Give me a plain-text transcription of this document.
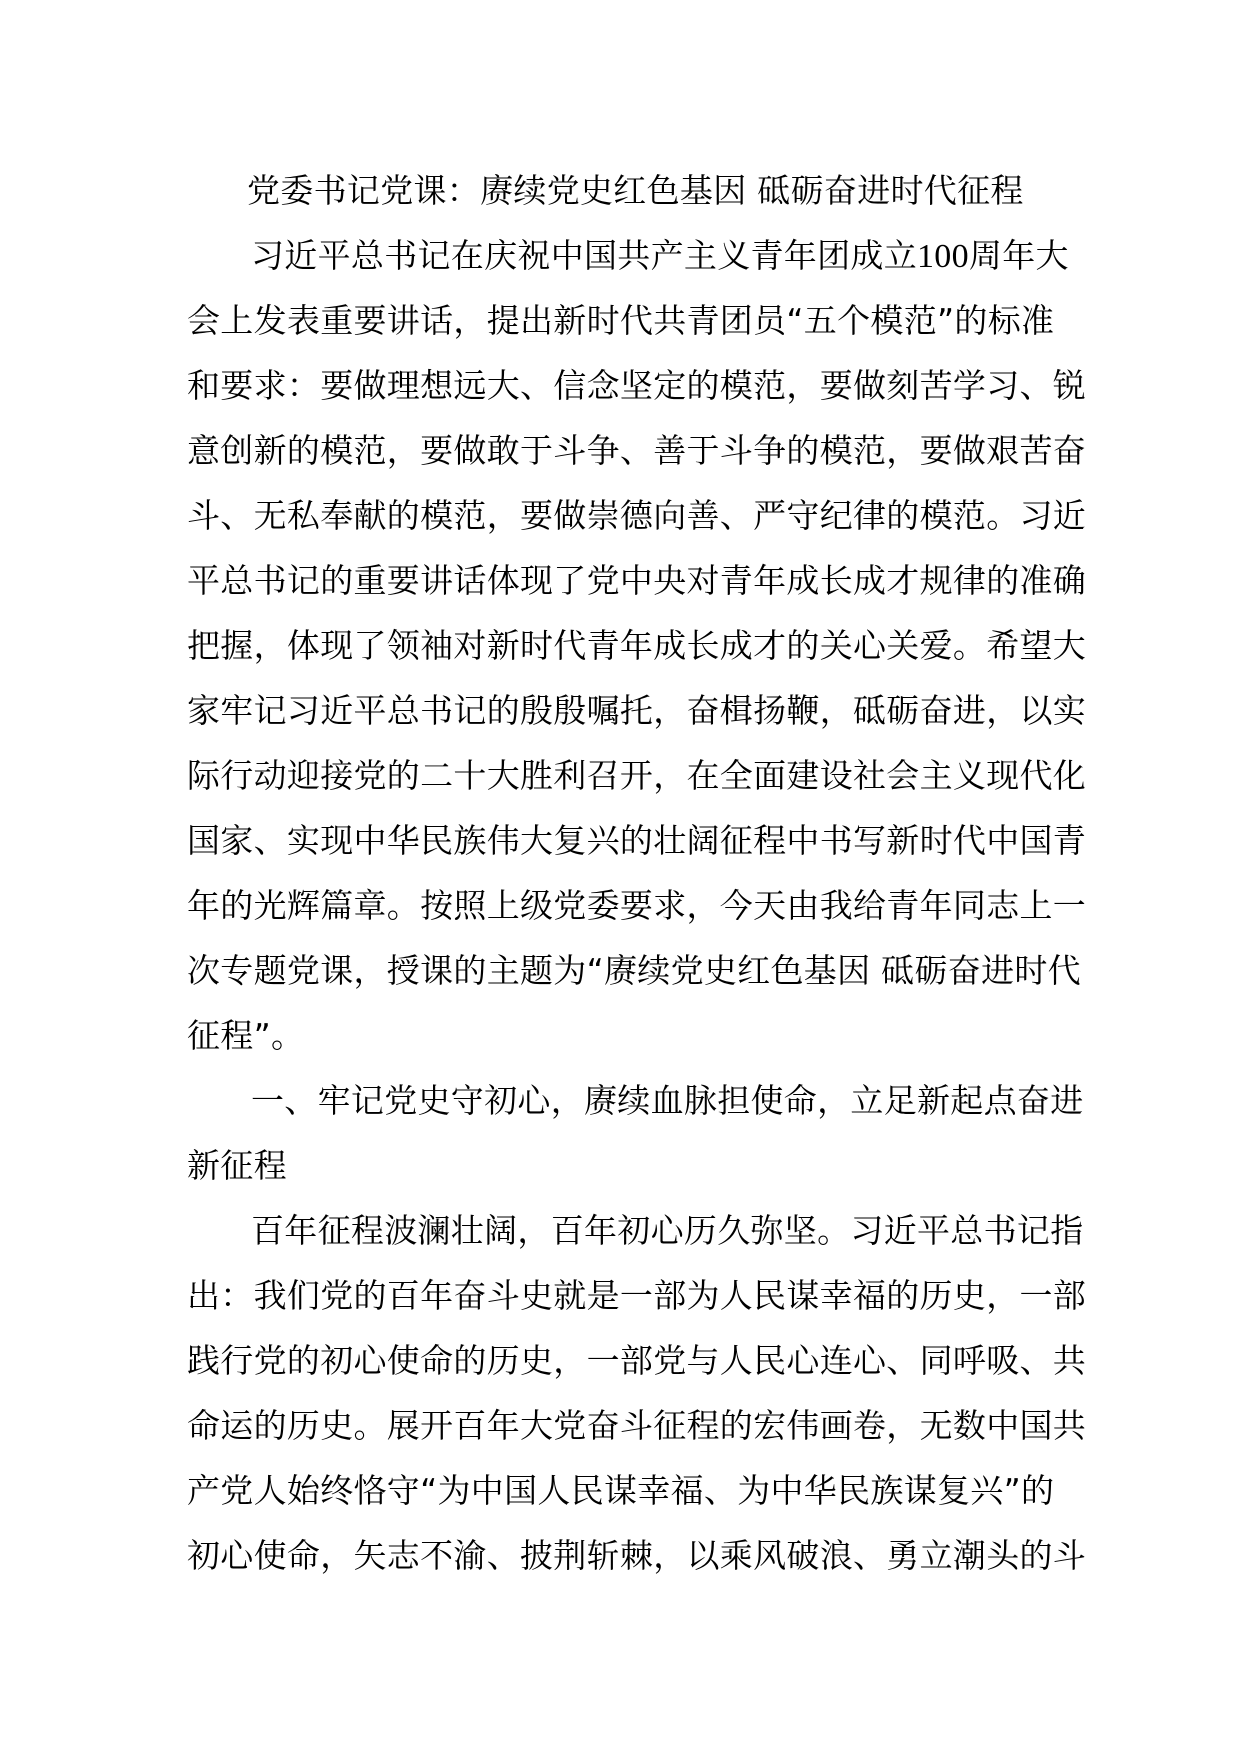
党委书记党课：赓续党史红色基因 砥砺奋进时代征程
习近平总书记在庆祝中国共产主义青年团成立100周年大
会上发表重要讲话，提出新时代共青团员“五个模范”的标准
和要求：要做理想远大、信念坚定的模范，要做刻苦学习、锐
意创新的模范，要做敢于斗争、善于斗争的模范，要做艰苦奋
斗、无私奉献的模范，要做崇德向善、严守纪律的模范。习近
平总书记的重要讲话体现了党中央对青年成长成才规律的准确
把握，体现了领袖对新时代青年成长成才的关心关爱。希望大
家牢记习近平总书记的殷殷嘱托，奋楫扬鞭，砥砺奋进，以实
际行动迎接党的二十大胜利召开，在全面建设社会主义现代化
国家、实现中华民族伟大复兴的壮阔征程中书写新时代中国青
年的光辉篇章。按照上级党委要求，今天由我给青年同志上一
次专题党课，授课的主题为“赓续党史红色基因 砥砺奋进时代
征程”。
一、牢记党史守初心，赓续血脉担使命，立足新起点奋进
新征程
百年征程波澜壮阔，百年初心历久弥坚。习近平总书记指
出：我们党的百年奋斗史就是一部为人民谋幸福的历史，一部
践行党的初心使命的历史，一部党与人民心连心、同呼吸、共
命运的历史。展开百年大党奋斗征程的宏伟画卷，无数中国共
产党人始终恪守“为中国人民谋幸福、为中华民族谋复兴”的
初心使命，矢志不渝、披荆斩棘，以乘风破浪、勇立潮头的斗
